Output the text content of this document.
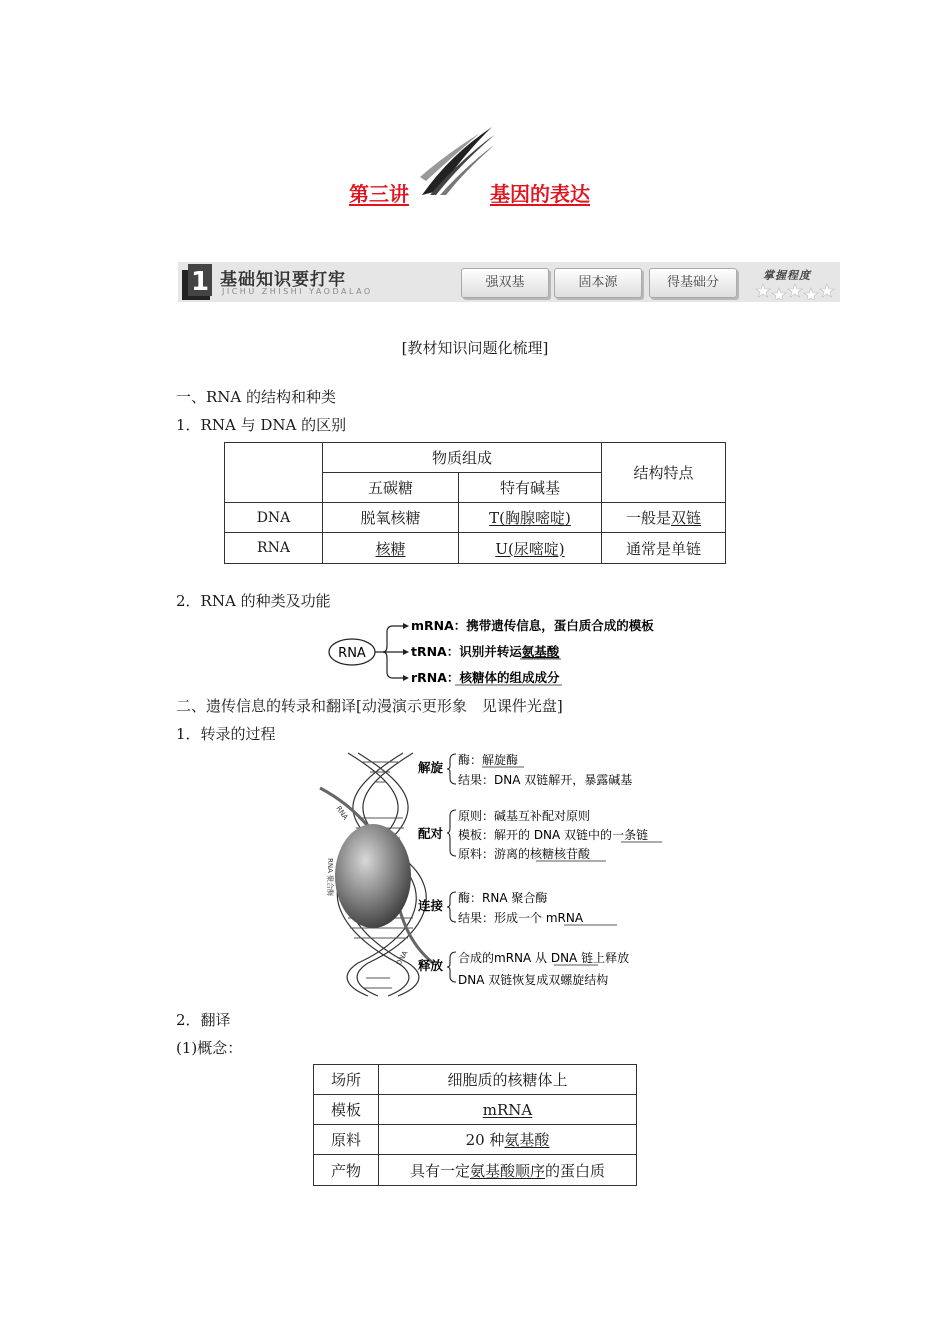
第三讲	基因的表达
1 基础知识要打牢
JICHU ZHISHI YAODALAO
强双基	固本源	得基础分	掌握程度
[教材知识问题化梳理]
一、RNA 的结构和种类
1．RNA 与 DNA 的区别
	物质组成		结构特点
	五碳糖	特有碱基	
DNA	脱氧核糖	T(胸腺嘧啶)	一般是双链
RNA	核糖	U(尿嘧啶)	通常是单链
2．RNA 的种类及功能
RNA
mRNA：携带遗传信息，蛋白质合成的模板
tRNA：识别并转运氨基酸
rRNA：核糖体的组成成分
二、遗传信息的转录和翻译[动漫演示更形象　见课件光盘]
1．转录的过程
RNA
RNA 聚合酶
DNA
解旋 酶：解旋酶
结果：DNA 双链解开，暴露碱基
配对
原则：碱基互补配对原则
模板：解开的 DNA 双链中的一条链
原料：游离的核糖核苷酸
连接 酶：RNA 聚合酶
结果：形成一个 mRNA
释放 合成的mRNA 从 DNA 链上释放
DNA 双链恢复成双螺旋结构
2．翻译
(1)概念：
场所	细胞质的核糖体上
模板	mRNA
原料	20 种氨基酸
产物	具有一定氨基酸顺序的蛋白质
